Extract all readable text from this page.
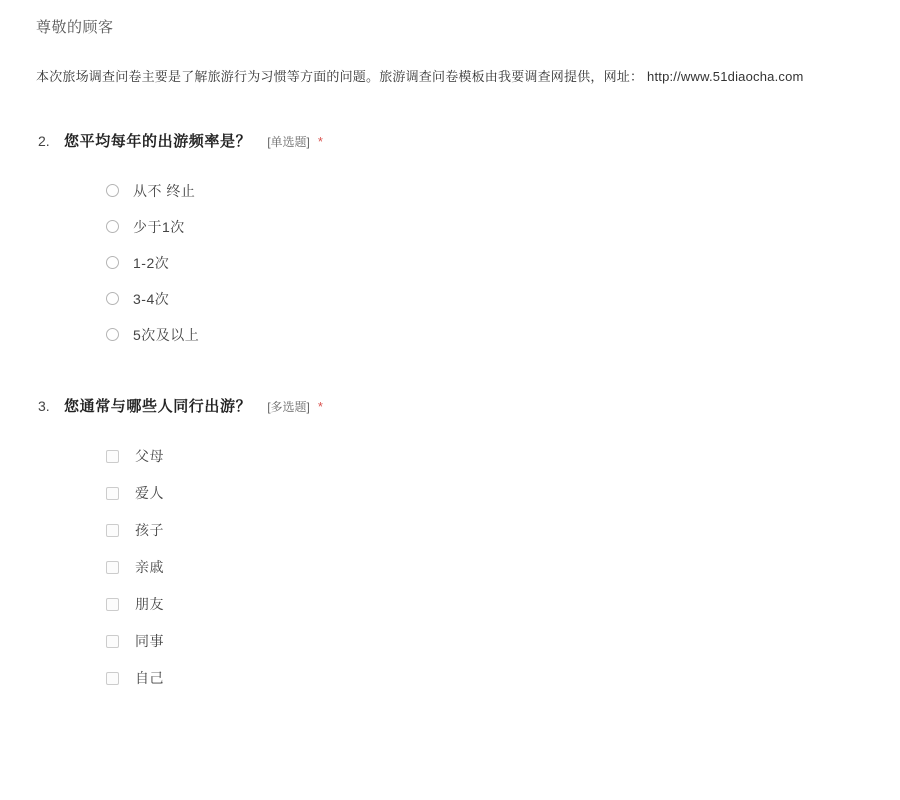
尊敬的顾客

本次旅场调查问卷主要是了解旅游行为习惯等方面的问题。旅游调查问卷模板由我要调查网提供，网址： http://www.51diaocha.com

2. 您平均每年的出游频率是？ [单选题] *
从不 终止
少于1次
1-2次
3-4次
5次及以上
3. 您通常与哪些人同行出游？ [多选题] *
父母
爱人
孩子
亲戚
朋友
同事
自己
